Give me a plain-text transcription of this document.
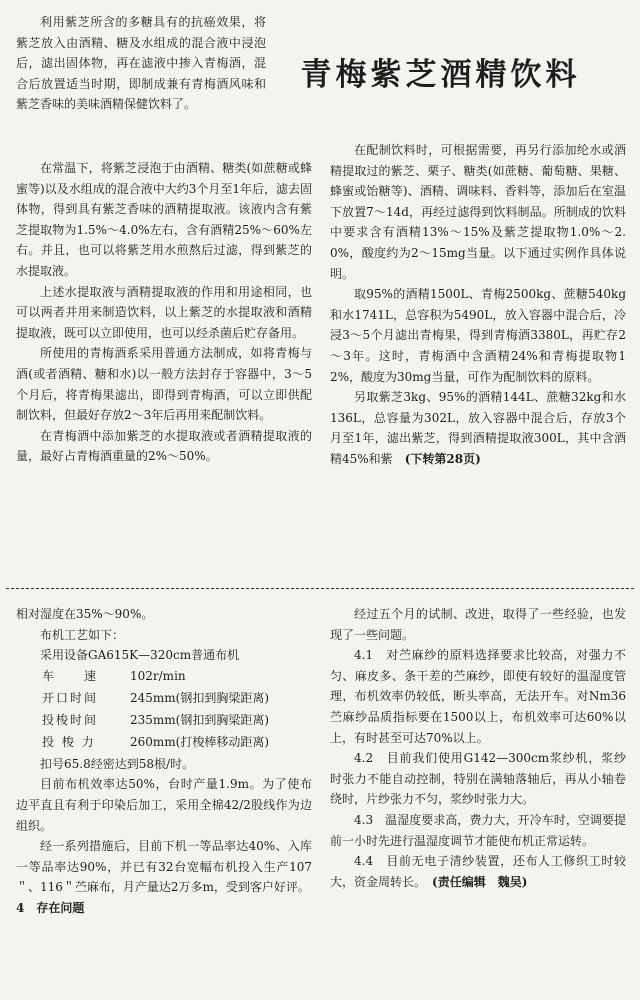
青梅紫芝酒精饮料

利用紫芝所含的多糖具有的抗癌效果，将紫芝放入由酒精、糖及水组成的混合液中浸泡后，滤出固体物，再在滤液中掺入青梅酒，混合后放置适当时期，即制成兼有青梅酒风味和紫芝香味的美味酒精保健饮料了。

在常温下，将紫芝浸泡于由酒精、糖类(如蔗糖或蜂蜜等)以及水组成的混合液中大约3个月至1年后，滤去固体物，得到具有紫芝香味的酒精提取液。该液内含有紫芝提取物为1.5%～4.0%左右，含有酒精25%～60%左右。并且，也可以将紫芝用水煎熬后过滤，得到紫芝的水提取液。

上述水提取液与酒精提取液的作用和用途相同，也可以两者并用来制造饮料，以上紫芝的水提取液和酒精提取液，既可以立即使用，也可以经杀菌后贮存备用。

所使用的青梅酒系采用普通方法制成，如将青梅与酒(或者酒精、糖和水)以一般方法封存于容器中，3～5个月后，将青梅果滤出，即得到青梅酒，可以立即供配制饮料，但最好存放2～3年后再用来配制饮料。

在青梅酒中添加紫芝的水提取液或者酒精提取液的量，最好占青梅酒重量的2%～50%。

在配制饮料时，可根据需要，再另行添加纶水或酒精提取过的紫芝、栗子、糖类(如蔗糖、葡萄糖、果糖、蜂蜜或饴糖等)、酒精、调味料、香料等，添加后在室温下放置7～14d，再经过滤得到饮料制品。所制成的饮料中要求含有酒精13%～15%及紫芝提取物1.0%～2.0%，酸度约为2～15mg当量。以下通过实例作具体说明。

取95%的酒精1500L、青梅2500kg、蔗糖540kg和水1741L，总容积为5490L，放入容器中混合后，冷浸3～5个月滤出青梅果，得到青梅酒3380L，再贮存2～3年。这时，青梅酒中含酒精24%和青梅提取物12%，酸度为30mg当量，可作为配制饮料的原料。

另取紫芝3kg、95%的酒精144L、蔗糖32kg和水136L，总容量为302L，放入容器中混合后，存放3个月至1年，滤出紫芝，得到酒精提取液300L，其中含酒精45%和紫　 (下转第28页)

相对湿度在35%～90%。

布机工艺如下：

采用设备GA615K—320cm普通布机

车　　速	102r/min
开口时间	245mm(钢扣到胸梁距离)
投梭时间	235mm(钢扣到胸梁距离)
投 梭 力	260mm(打梭棒移动距离)

扣号65.8经密达到58根/时。

目前布机效率达50%，台时产量1.9m。为了使布边平直且有利于印染后加工，采用全棉42/2股线作为边组织。

经一系列措施后，目前下机一等品率达40%、入库一等品率达90%，并已有32台宽幅布机投入生产107＂、116＂苎麻布，月产量达2万多m，受到客户好评。

4　存在问题

经过五个月的试制、改进，取得了一些经验，也发现了一些问题。

4.1　对苎麻纱的原料选择要求比较高，对强力不匀、麻皮多、条干差的苎麻纱，即使有较好的温湿度管理，布机效率仍较低，断头率高，无法开车。对Nm36苎麻纱品质指标要在1500以上，布机效率可达60%以上，有时甚至可达70%以上。

4.2　目前我们使用G142—300cm浆纱机，浆纱时张力不能自动控制，特别在满轴落轴后，再从小轴卷绕时，片纱张力不匀，浆纱时张力大。

4.3　温湿度要求高，费力大，开冷车时，空调要提前一小时先进行温湿度调节才能使布机正常运转。

4.4　目前无电子清纱装置，还布人工修织工时较大，资金周转长。　 (责任编辑　魏吴)
